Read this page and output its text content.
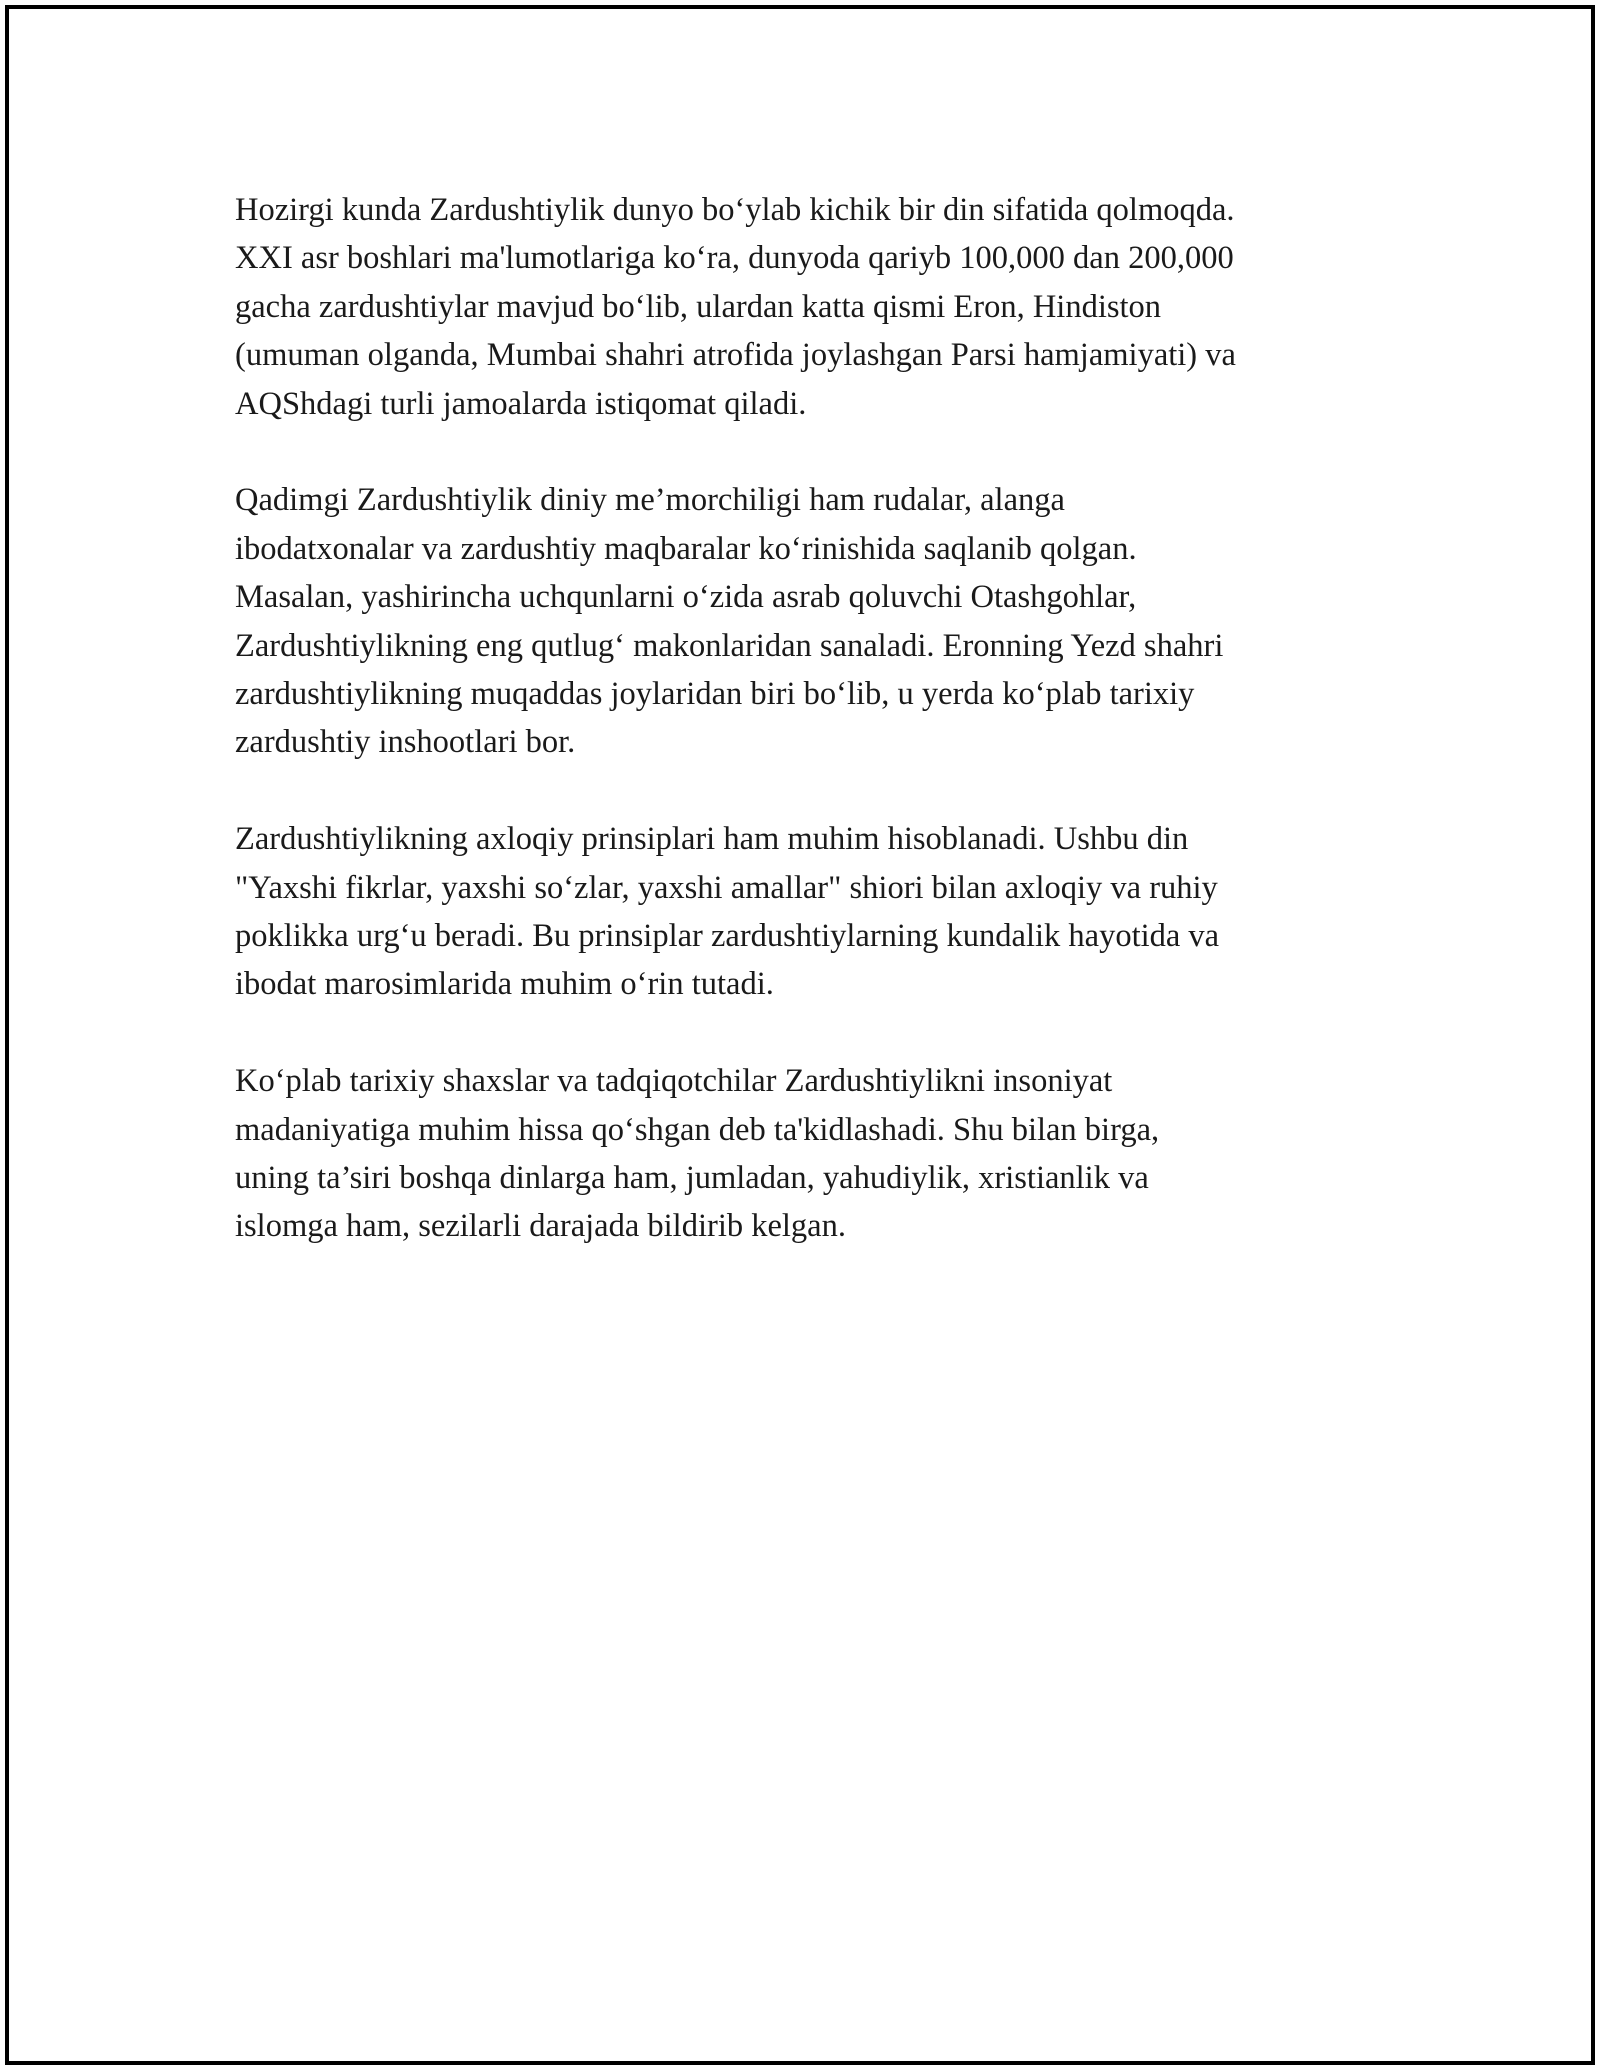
Hozirgi kunda Zardushtiylik dunyo bo‘ylab kichik bir din sifatida qolmoqda.
XXI asr boshlari ma'lumotlariga ko‘ra, dunyoda qariyb 100,000 dan 200,000
gacha zardushtiylar mavjud bo‘lib, ulardan katta qismi Eron, Hindiston
(umuman olganda, Mumbai shahri atrofida joylashgan Parsi hamjamiyati) va
AQShdagi turli jamoalarda istiqomat qiladi.

Qadimgi Zardushtiylik diniy me’morchiligi ham rudalar, alanga
ibodatxonalar va zardushtiy maqbaralar ko‘rinishida saqlanib qolgan.
Masalan, yashirincha uchqunlarni o‘zida asrab qoluvchi Otashgohlar,
Zardushtiylikning eng qutlug‘ makonlaridan sanaladi. Eronning Yezd shahri
zardushtiylikning muqaddas joylaridan biri bo‘lib, u yerda ko‘plab tarixiy
zardushtiy inshootlari bor.

Zardushtiylikning axloqiy prinsiplari ham muhim hisoblanadi. Ushbu din
"Yaxshi fikrlar, yaxshi so‘zlar, yaxshi amallar" shiori bilan axloqiy va ruhiy
poklikka urg‘u beradi. Bu prinsiplar zardushtiylarning kundalik hayotida va
ibodat marosimlarida muhim o‘rin tutadi.

Ko‘plab tarixiy shaxslar va tadqiqotchilar Zardushtiylikni insoniyat
madaniyatiga muhim hissa qo‘shgan deb ta'kidlashadi. Shu bilan birga,
uning ta’siri boshqa dinlarga ham, jumladan, yahudiylik, xristianlik va
islomga ham, sezilarli darajada bildirib kelgan.
